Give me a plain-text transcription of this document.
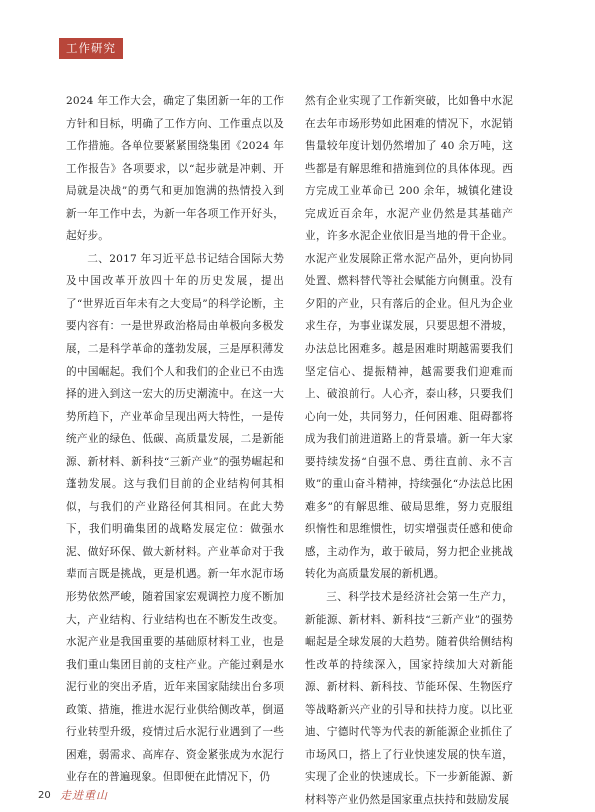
工作研究

2024 年工作大会，确定了集团新一年的工作方针和目标，明确了工作方向、工作重点以及工作措施。各单位要紧紧围绕集团《2024 年工作报告》各项要求，以“起步就是冲刺、开局就是决战”的勇气和更加饱满的热情投入到新一年工作中去，为新一年各项工作开好头，起好步。

二、2017 年习近平总书记结合国际大势及中国改革开放四十年的历史发展，提出了“世界近百年未有之大变局”的科学论断，主要内容有：一是世界政治格局由单极向多极发展，二是科学革命的蓬勃发展，三是厚积薄发的中国崛起。我们个人和我们的企业已不由选择的进入到这一宏大的历史潮流中。在这一大势所趋下，产业革命呈现出两大特性，一是传统产业的绿色、低碳、高质量发展，二是新能源、新材料、新科技“三新产业”的强势崛起和蓬勃发展。这与我们目前的企业结构何其相似，与我们的产业路径何其相同。在此大势下，我们明确集团的战略发展定位：做强水泥、做好环保、做大新材料。产业革命对于我辈而言既是挑战，更是机遇。新一年水泥市场形势依然严峻，随着国家宏观调控力度不断加大，产业结构、行业结构也在不断发生改变。水泥产业是我国重要的基础原材料工业，也是我们重山集团目前的支柱产业。产能过剩是水泥行业的突出矛盾，近年来国家陆续出台多项政策、措施，推进水泥行业供给侧改革，倒逼行业转型升级，疫情过后水泥行业遇到了一些困难，弱需求、高库存、资金紧张成为水泥行业存在的普遍现象。但即便在此情况下，仍

然有企业实现了工作新突破，比如鲁中水泥在去年市场形势如此困难的情况下，水泥销售量较年度计划仍然增加了 40 余万吨，这些都是有解思维和措施到位的具体体现。西方完成工业革命已 200 余年，城镇化建设完成近百余年，水泥产业仍然是其基础产业，许多水泥企业依旧是当地的骨干企业。水泥产业发展除正常水泥产品外，更向协同处置、燃料替代等社会赋能方向侧重。没有夕阳的产业，只有落后的企业。但凡为企业求生存，为事业谋发展，只要思想不滑坡，办法总比困难多。越是困难时期越需要我们坚定信心、提振精神，越需要我们迎难而上、破浪前行。人心齐，泰山移，只要我们心向一处，共同努力，任何困难、阻碍都将成为我们前进道路上的背景墙。新一年大家要持续发扬“自强不息、勇往直前、永不言败”的重山奋斗精神，持续强化“办法总比困难多”的有解思维、破局思维，努力克服组织惰性和思维惯性，切实增强责任感和使命感，主动作为，敢于破局，努力把企业挑战转化为高质量发展的新机遇。

三、科学技术是经济社会第一生产力，新能源、新材料、新科技“三新产业”的强势崛起是全球发展的大趋势。随着供给侧结构性改革的持续深入，国家持续加大对新能源、新材料、新科技、节能环保、生物医疗等战略新兴产业的引导和扶持力度。以比亚迪、宁德时代等为代表的新能源企业抓住了市场风口，搭上了行业快速发展的快车道，实现了企业的快速成长。下一步新能源、新材料等产业仍然是国家重点扶持和鼓励发展

20 走进重山
